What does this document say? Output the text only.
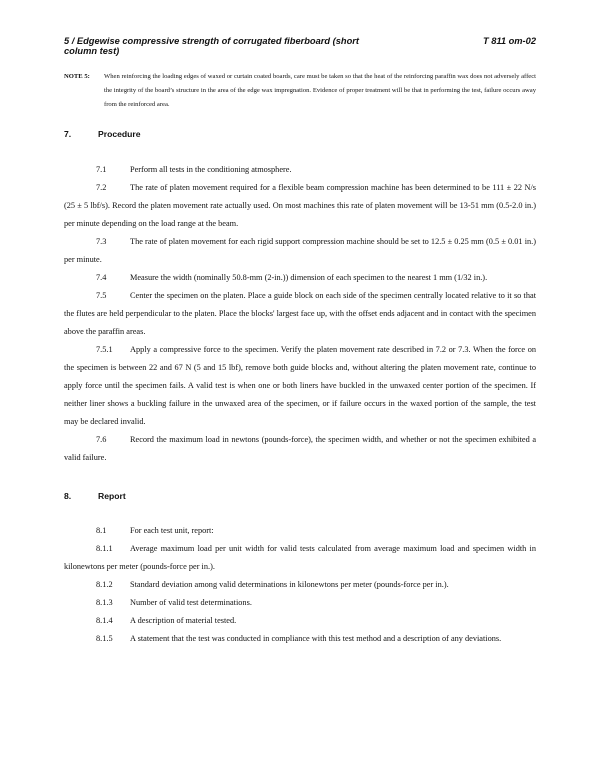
5 / Edgewise compressive strength of corrugated fiberboard (short column test)
T 811 om-02
NOTE 5: When reinforcing the loading edges of waxed or curtain coated boards, care must be taken so that the heat of the reinforcing paraffin wax does not adversely affect the integrity of the board’s structure in the area of the edge wax impregnation. Evidence of proper treatment will be that in performing the test, failure occurs away from the reinforced area.
7.	Procedure

7.1	Perform all tests in the conditioning atmosphere.

7.2	The rate of platen movement required for a flexible beam compression machine has been determined to be 111 ± 22 N/s (25 ± 5 lbf/s). Record the platen movement rate actually used. On most machines this rate of platen movement will be 13-51 mm (0.5-2.0 in.) per minute depending on the load range at the beam.

7.3	The rate of platen movement for each rigid support compression machine should be set to 12.5 ± 0.25 mm (0.5 ± 0.01 in.) per minute.

7.4	Measure the width (nominally 50.8-mm (2-in.)) dimension of each specimen to the nearest 1 mm (1/32 in.).

7.5	Center the specimen on the platen. Place a guide block on each side of the specimen centrally located relative to it so that the flutes are held perpendicular to the platen. Place the blocks' largest face up, with the offset ends adjacent and in contact with the specimen above the paraffin areas.

7.5.1 Apply a compressive force to the specimen. Verify the platen movement rate described in 7.2 or 7.3. When the force on the specimen is between 22 and 67 N (5 and 15 lbf), remove both guide blocks and, without altering the platen movement rate, continue to apply force until the specimen fails. A valid test is when one or both liners have buckled in the unwaxed center portion of the specimen. If neither liner shows a buckling failure in the unwaxed area of the specimen, or if failure occurs in the waxed portion of the sample, the test may be declared invalid.

7.6	Record the maximum load in newtons (pounds-force), the specimen width, and whether or not the specimen exhibited a valid failure.

8.	Report

8.1	For each test unit, report:

8.1.1 Average maximum load per unit width for valid tests calculated from average maximum load and specimen width in kilonewtons per meter (pounds-force per in.).

8.1.2 Standard deviation among valid determinations in kilonewtons per meter (pounds-force per in.).

8.1.3 Number of valid test determinations.

8.1.4 A description of material tested.

8.1.5 A statement that the test was conducted in compliance with this test method and a description of any deviations.
